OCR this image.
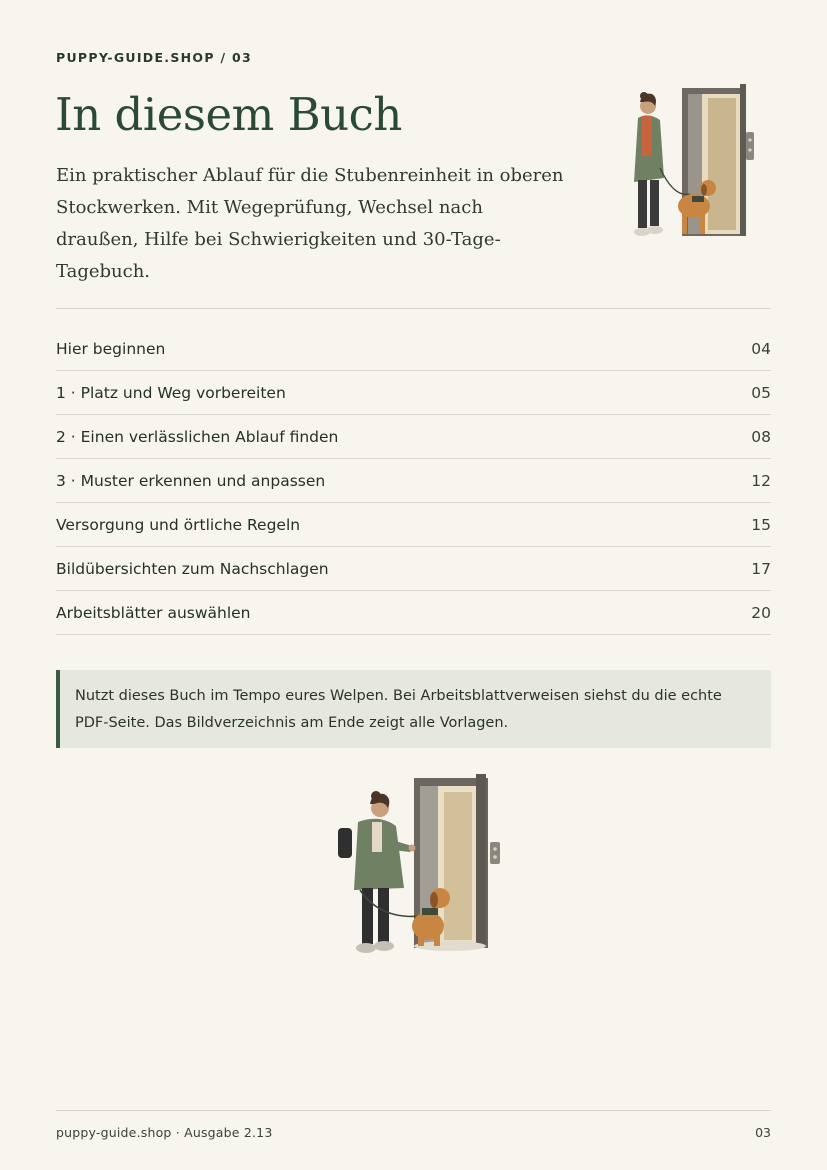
PUPPY-GUIDE.SHOP / 03
In diesem Buch

Ein praktischer Ablauf für die Stubenreinheit in oberen Stockwerken. Mit Wegeprüfung, Wechsel nach draußen, Hilfe bei Schwierigkeiten und 30-Tage-Tagebuch.

Hier beginnen	04
1 · Platz und Weg vorbereiten	05
2 · Einen verlässlichen Ablauf finden	08
3 · Muster erkennen und anpassen	12
Versorgung und örtliche Regeln	15
Bildübersichten zum Nachschlagen	17
Arbeitsblätter auswählen	20
Nutzt dieses Buch im Tempo eures Welpen. Bei Arbeitsblattverweisen siehst du die echte PDF-Seite. Das Bildverzeichnis am Ende zeigt alle Vorlagen.
puppy-guide.shop · Ausgabe 2.13	03
